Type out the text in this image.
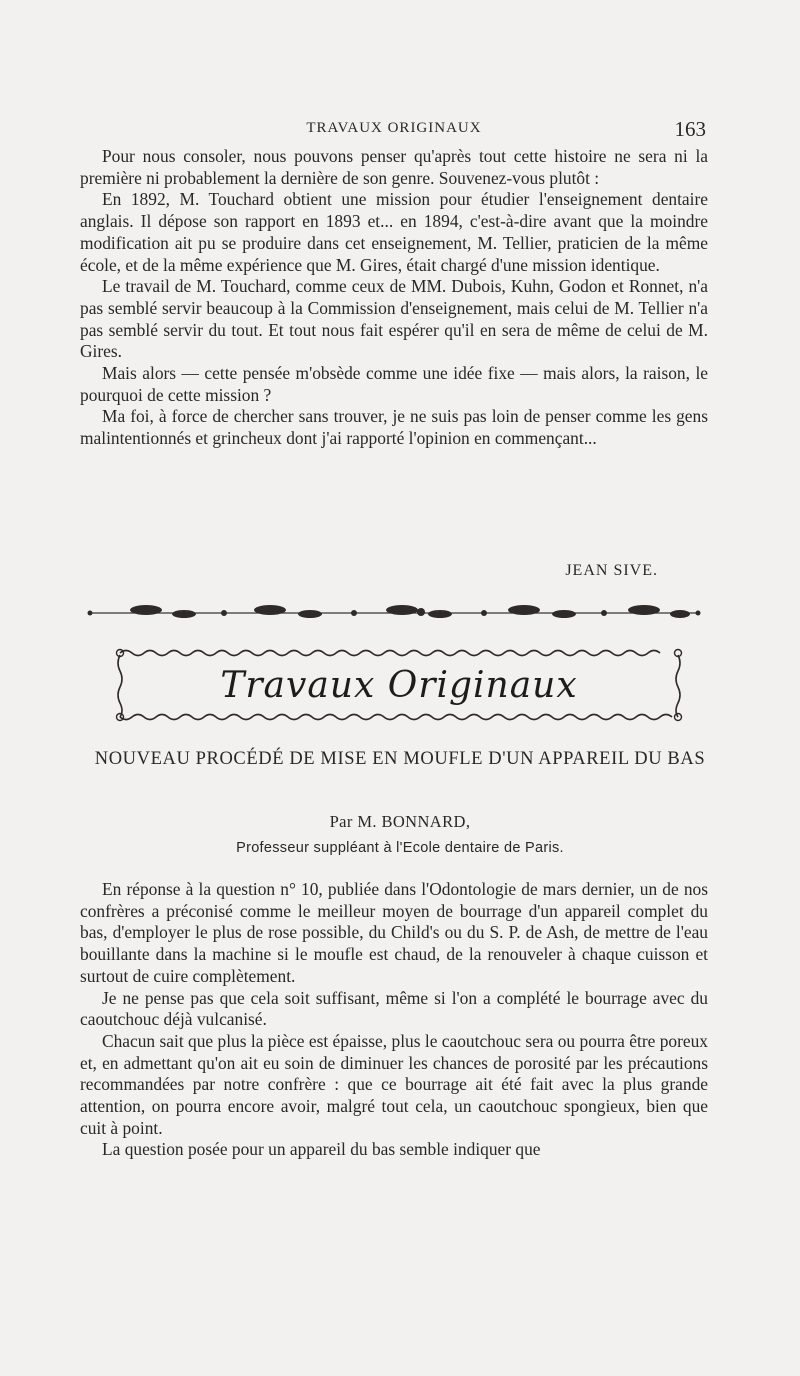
TRAVAUX ORIGINAUX	163

Pour nous consoler, nous pouvons penser qu'après tout cette histoire ne sera ni la première ni probablement la dernière de son genre. Souvenez-vous plutôt :

En 1892, M. Touchard obtient une mission pour étudier l'enseignement dentaire anglais. Il dépose son rapport en 1893 et... en 1894, c'est-à-dire avant que la moindre modification ait pu se produire dans cet enseignement, M. Tellier, praticien de la même école, et de la même expérience que M. Gires, était chargé d'une mission identique.

Le travail de M. Touchard, comme ceux de MM. Dubois, Kuhn, Godon et Ronnet, n'a pas semblé servir beaucoup à la Commission d'enseignement, mais celui de M. Tellier n'a pas semblé servir du tout. Et tout nous fait espérer qu'il en sera de même de celui de M. Gires.

Mais alors — cette pensée m'obsède comme une idée fixe — mais alors, la raison, le pourquoi de cette mission ?

Ma foi, à force de chercher sans trouver, je ne suis pas loin de penser comme les gens malintentionnés et grincheux dont j'ai rapporté l'opinion en commençant...

JEAN SIVE.
Travaux Originaux
NOUVEAU PROCÉDÉ DE MISE EN MOUFLE D'UN APPAREIL DU BAS
Par M. BONNARD,
Professeur suppléant à l'Ecole dentaire de Paris.

En réponse à la question n° 10, publiée dans l'Odontologie de mars dernier, un de nos confrères a préconisé comme le meilleur moyen de bourrage d'un appareil complet du bas, d'employer le plus de rose possible, du Child's ou du S. P. de Ash, de mettre de l'eau bouillante dans la machine si le moufle est chaud, de la renouveler à chaque cuisson et surtout de cuire complètement.

Je ne pense pas que cela soit suffisant, même si l'on a complété le bourrage avec du caoutchouc déjà vulcanisé.

Chacun sait que plus la pièce est épaisse, plus le caoutchouc sera ou pourra être poreux et, en admettant qu'on ait eu soin de diminuer les chances de porosité par les précautions recommandées par notre confrère : que ce bourrage ait été fait avec la plus grande attention, on pourra encore avoir, malgré tout cela, un caoutchouc spongieux, bien que cuit à point.

La question posée pour un appareil du bas semble indiquer que
